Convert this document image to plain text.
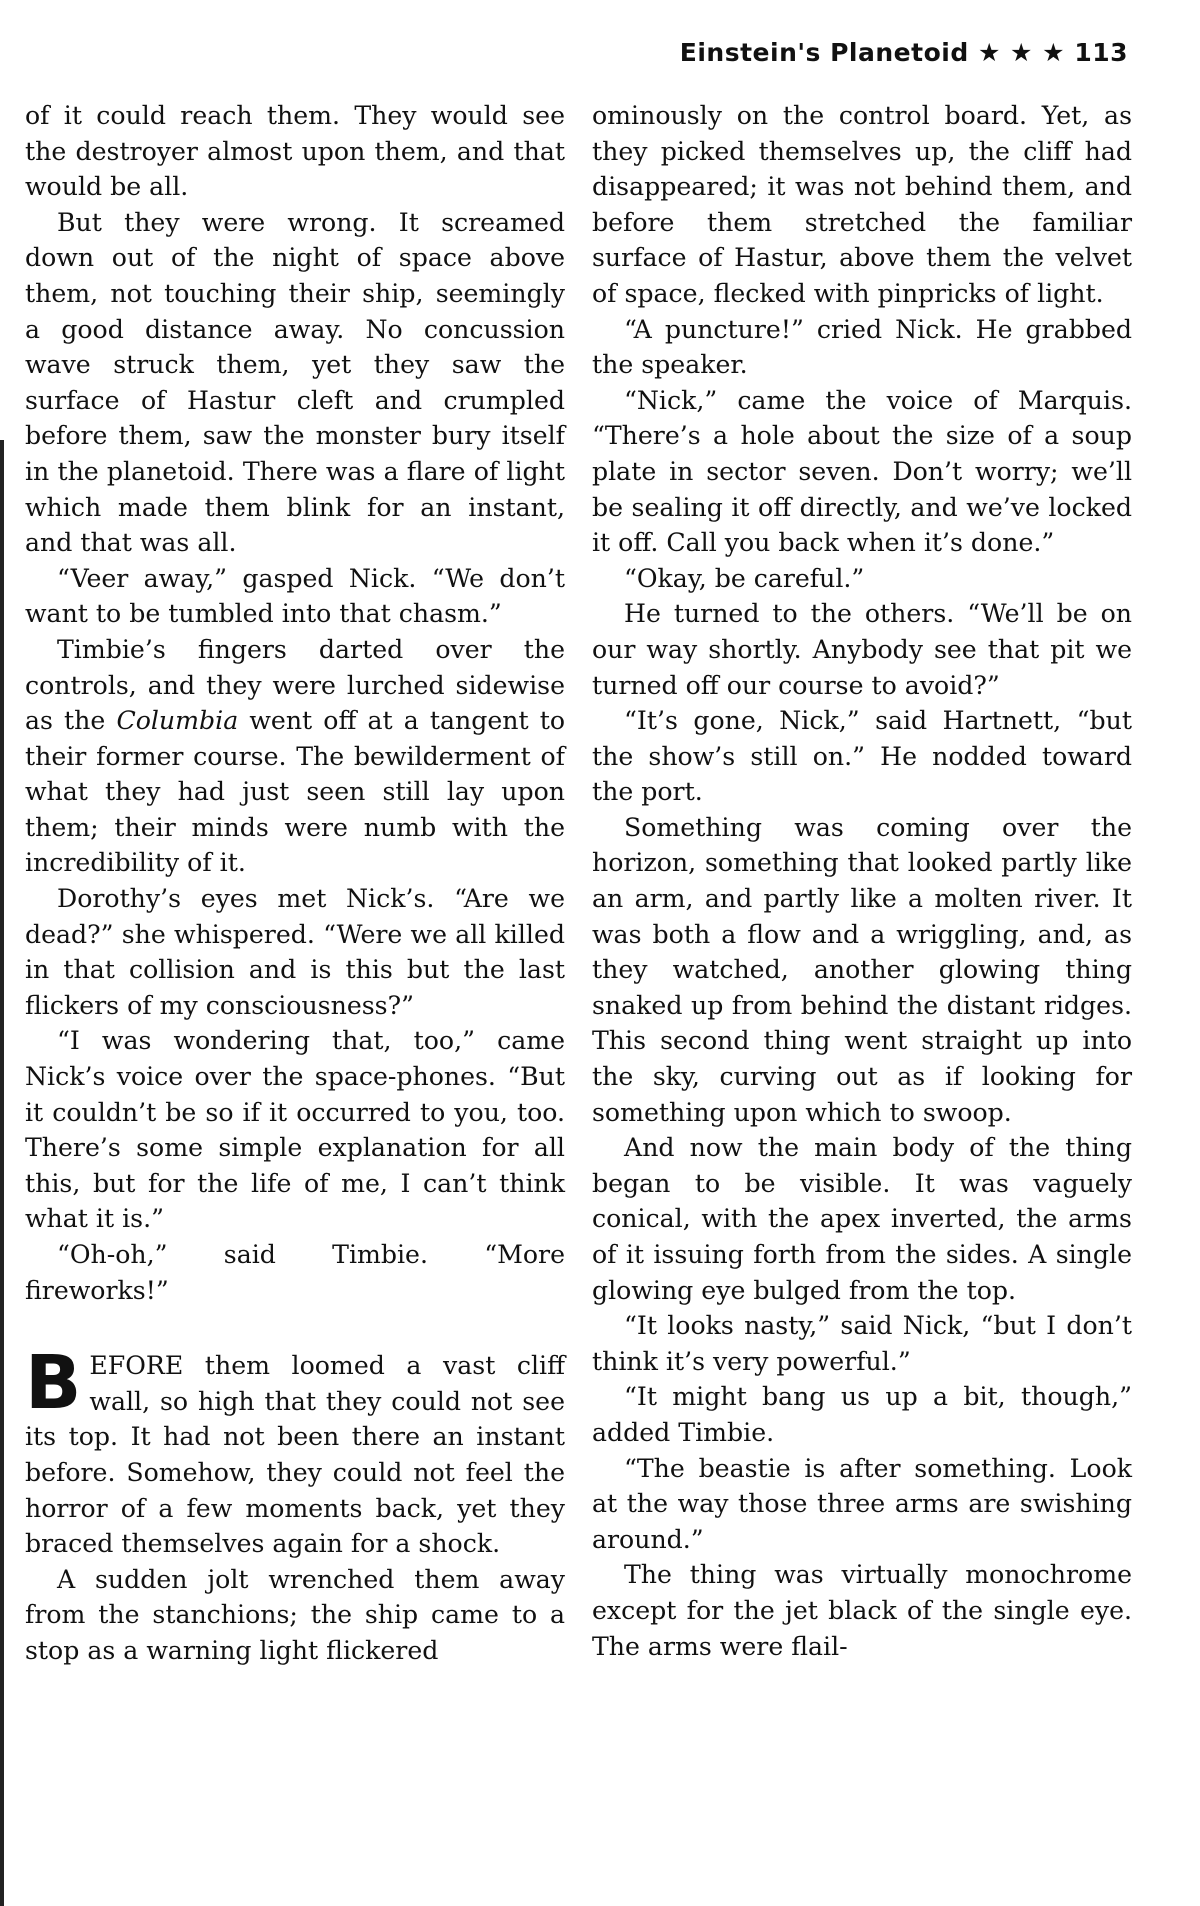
Einstein's Planetoid ★ ★ ★ 113

of it could reach them. They would see the destroyer almost upon them, and that would be all.

But they were wrong. It screamed down out of the night of space above them, not touching their ship, seemingly a good distance away. No concussion wave struck them, yet they saw the surface of Hastur cleft and crumpled before them, saw the monster bury itself in the planetoid. There was a flare of light which made them blink for an instant, and that was all.

“Veer away,” gasped Nick. “We don’t want to be tumbled into that chasm.”

Timbie’s fingers darted over the controls, and they were lurched sidewise as the Columbia went off at a tangent to their former course. The bewilderment of what they had just seen still lay upon them; their minds were numb with the incredibility of it.

Dorothy’s eyes met Nick’s. “Are we dead?” she whispered. “Were we all killed in that collision and is this but the last flickers of my consciousness?”

“I was wondering that, too,” came Nick’s voice over the space-phones. “But it couldn’t be so if it occurred to you, too. There’s some simple explanation for all this, but for the life of me, I can’t think what it is.”

“Oh-oh,” said Timbie. “More fireworks!”

BEFORE them loomed a vast cliff wall, so high that they could not see its top. It had not been there an instant before. Somehow, they could not feel the horror of a few moments back, yet they braced themselves again for a shock.

A sudden jolt wrenched them away from the stanchions; the ship came to a stop as a warning light flickered

ominously on the control board. Yet, as they picked themselves up, the cliff had disappeared; it was not behind them, and before them stretched the familiar surface of Hastur, above them the velvet of space, flecked with pinpricks of light.

“A puncture!” cried Nick. He grabbed the speaker.

“Nick,” came the voice of Marquis. “There’s a hole about the size of a soup plate in sector seven. Don’t worry; we’ll be sealing it off directly, and we’ve locked it off. Call you back when it’s done.”

“Okay, be careful.”

He turned to the others. “We’ll be on our way shortly. Anybody see that pit we turned off our course to avoid?”

“It’s gone, Nick,” said Hartnett, “but the show’s still on.” He nodded toward the port.

Something was coming over the horizon, something that looked partly like an arm, and partly like a molten river. It was both a flow and a wriggling, and, as they watched, another glowing thing snaked up from behind the distant ridges. This second thing went straight up into the sky, curving out as if looking for something upon which to swoop.

And now the main body of the thing began to be visible. It was vaguely conical, with the apex inverted, the arms of it issuing forth from the sides. A single glowing eye bulged from the top.

“It looks nasty,” said Nick, “but I don’t think it’s very powerful.”

“It might bang us up a bit, though,” added Timbie.

“The beastie is after something. Look at the way those three arms are swishing around.”

The thing was virtually monochrome except for the jet black of the single eye. The arms were flail-
